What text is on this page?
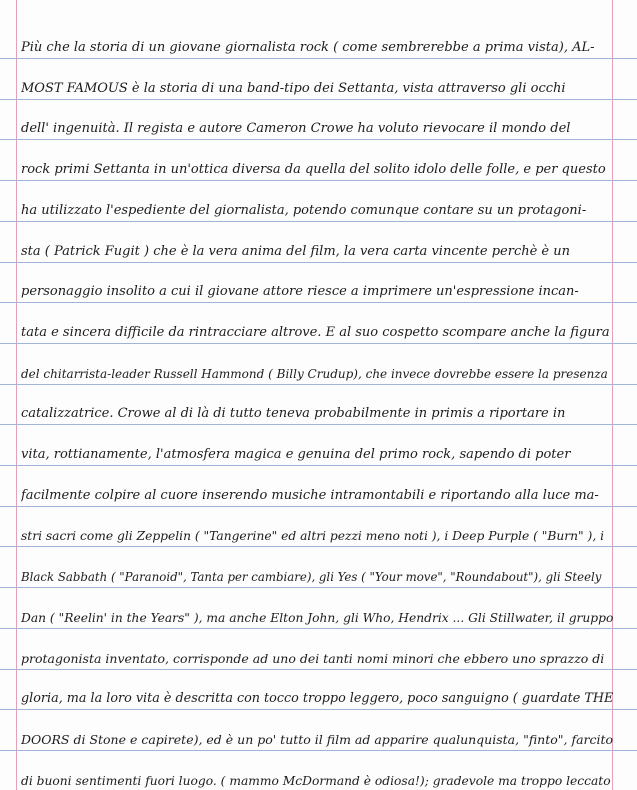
Più che la storia di un giovane giornalista rock ( come sembrerebbe a prima vista), AL-
MOST FAMOUS è la storia di una band-tipo dei Settanta, vista attraverso gli occhi
dell' ingenuità. Il regista e autore Cameron Crowe ha voluto rievocare il mondo del
rock primi Settanta in un'ottica diversa da quella del solito idolo delle folle, e per questo
ha utilizzato l'espediente del giornalista, potendo comunque contare su un protagoni-
sta ( Patrick Fugit ) che è la vera anima del film, la vera carta vincente perchè è un
personaggio insolito a cui il giovane attore riesce a imprimere un'espressione incan-
tata e sincera difficile da rintracciare altrove. E al suo cospetto scompare anche la figura
del chitarrista-leader Russell Hammond ( Billy Crudup), che invece dovrebbe essere la presenza
catalizzatrice. Crowe al di là di tutto teneva probabilmente in primis a riportare in
vita, rottianamente, l'atmosfera magica e genuina del primo rock, sapendo di poter
facilmente colpire al cuore inserendo musiche intramontabili e riportando alla luce ma-
stri sacri come gli Zeppelin ( "Tangerine" ed altri pezzi meno noti ), i Deep Purple ( "Burn" ), i
Black Sabbath ( "Paranoid", Tanta per cambiare), gli Yes ( "Your move", "Roundabout"), gli Steely
Dan ( "Reelin' in the Years" ), ma anche Elton John, gli Who, Hendrix ... Gli Stillwater, il gruppo
protagonista inventato, corrisponde ad uno dei tanti nomi minori che ebbero uno sprazzo di
gloria, ma la loro vita è descritta con tocco troppo leggero, poco sanguigno ( guardate THE
DOORS di Stone e capirete), ed è un po' tutto il film ad apparire qualunquista, "finto", farcito
di buoni sentimenti fuori luogo. ( mammo McDormand è odiosa!); gradevole ma troppo leccato
